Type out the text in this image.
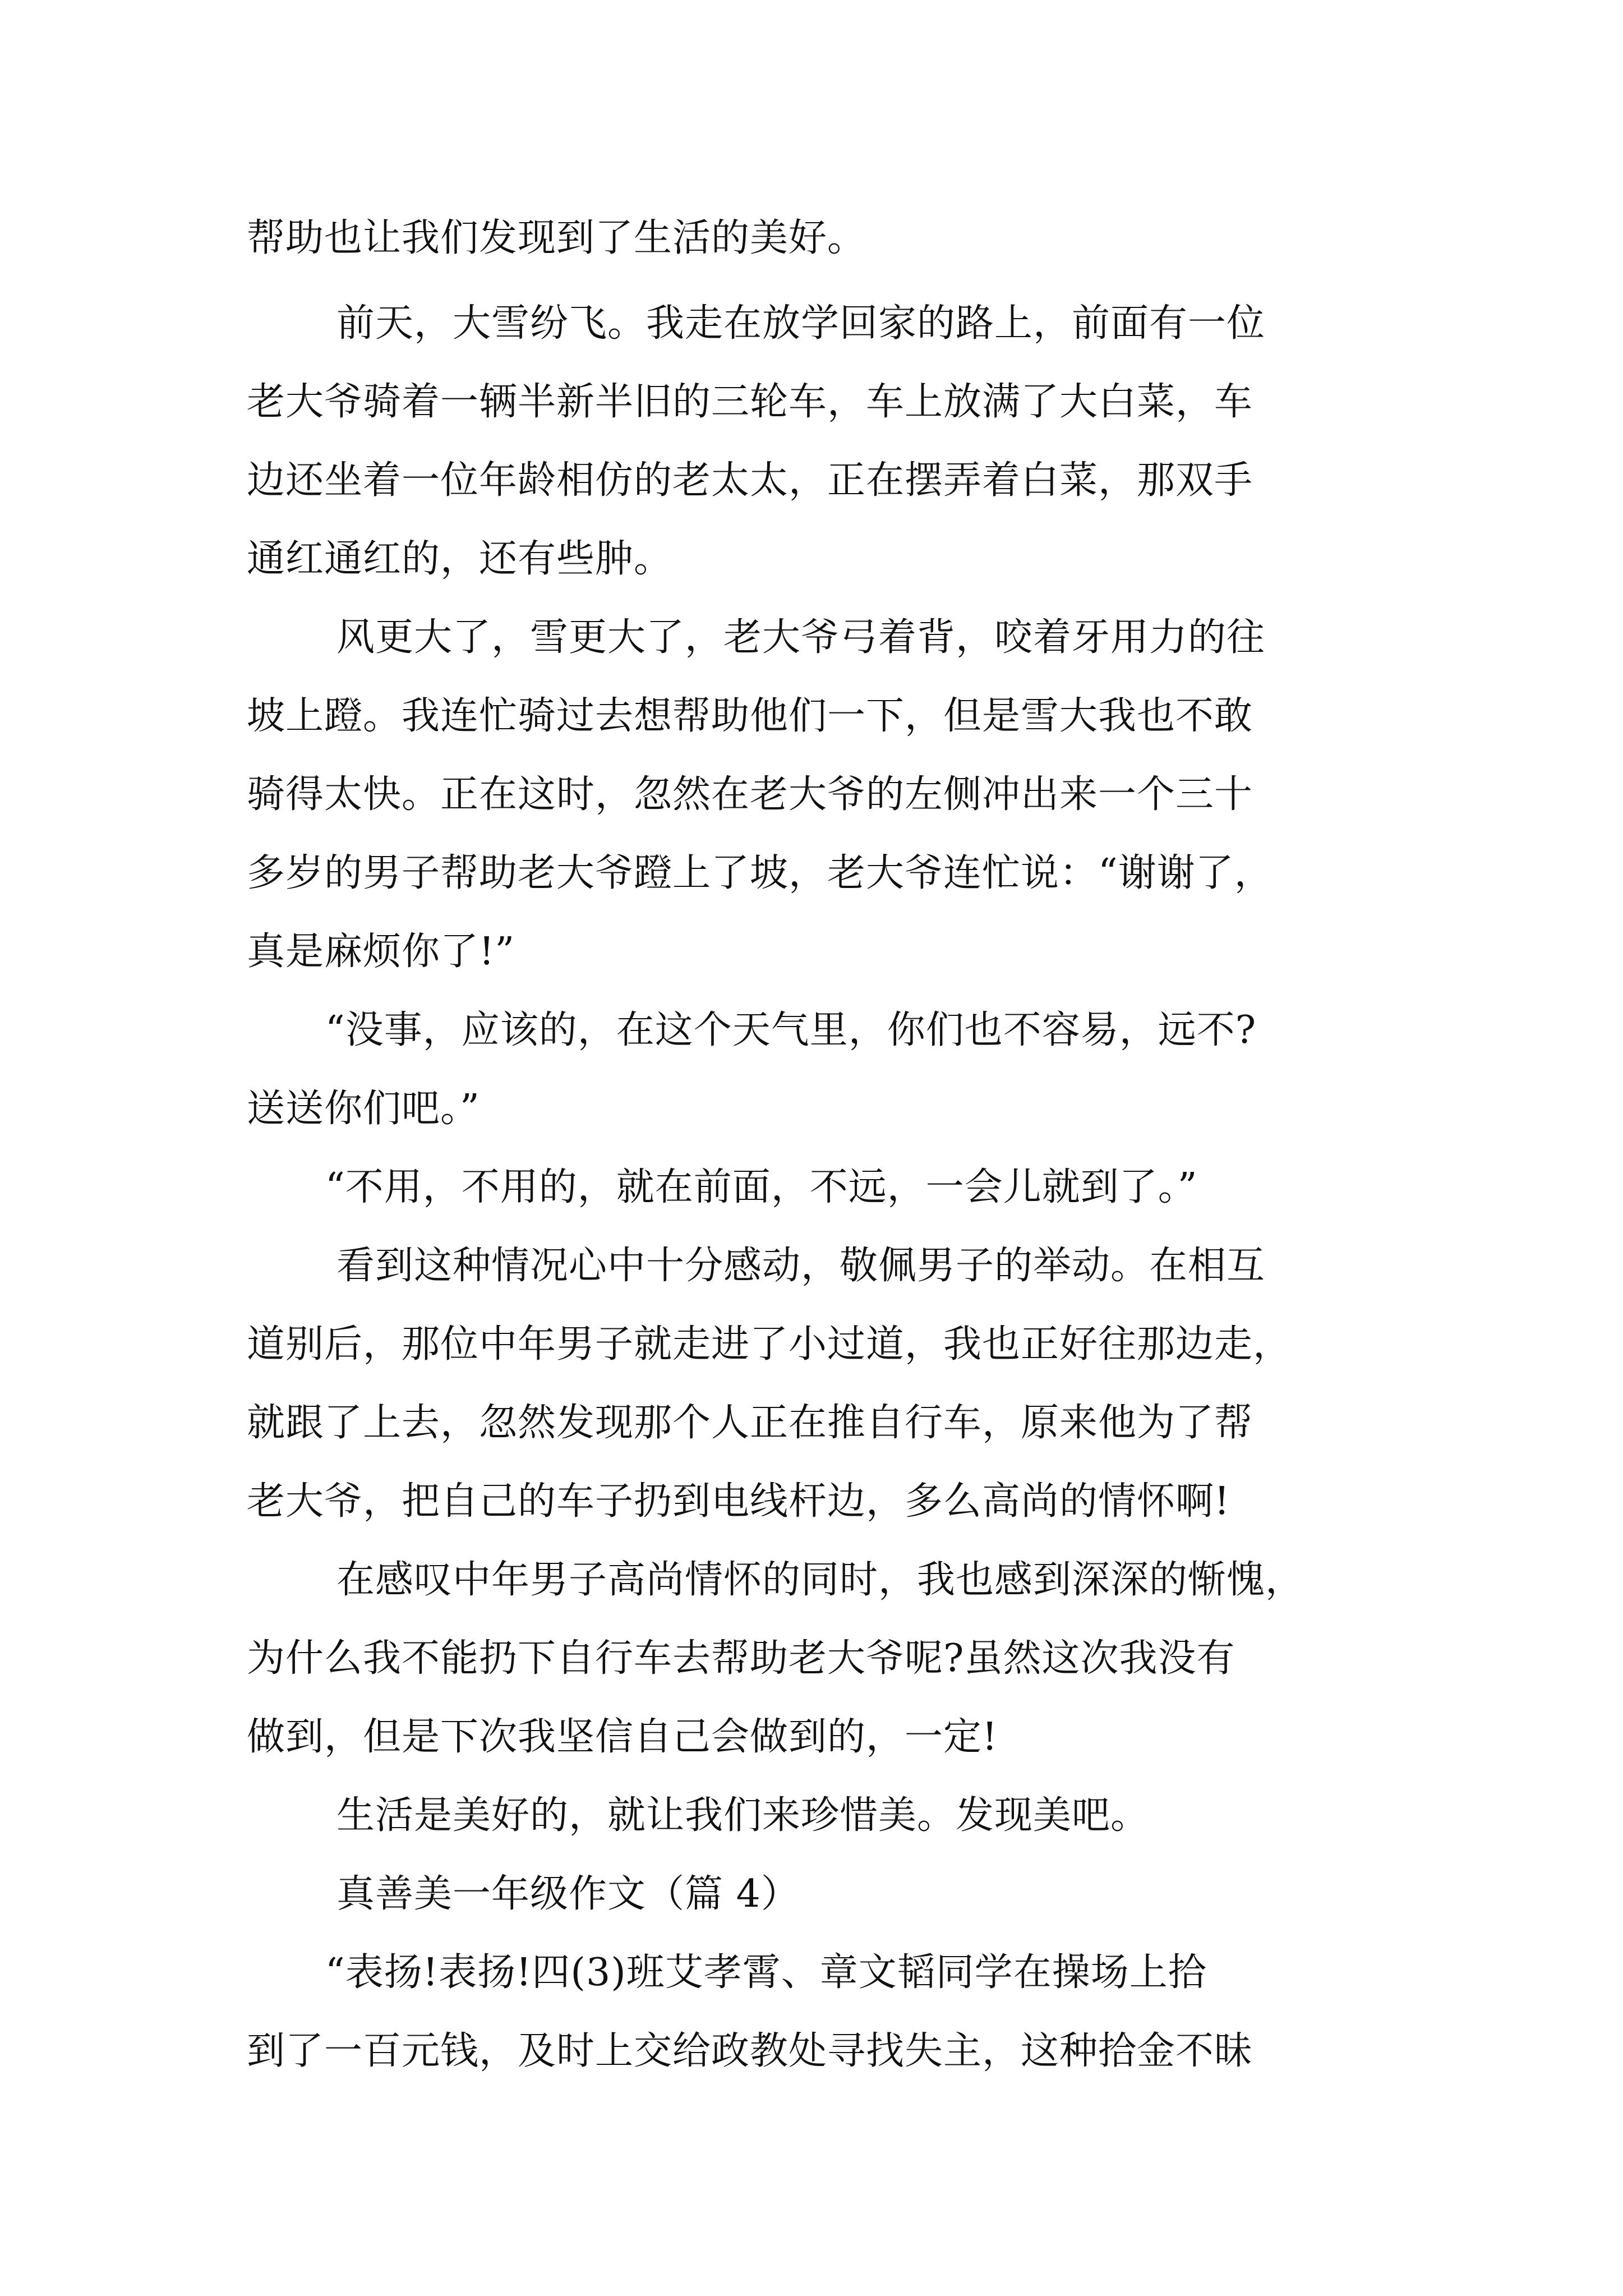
帮助也让我们发现到了生活的美好。
前天，大雪纷飞。我走在放学回家的路上，前面有一位
老大爷骑着一辆半新半旧的三轮车，车上放满了大白菜，车
边还坐着一位年龄相仿的老太太，正在摆弄着白菜，那双手
通红通红的，还有些肿。
风更大了，雪更大了，老大爷弓着背，咬着牙用力的往
坡上蹬。我连忙骑过去想帮助他们一下，但是雪大我也不敢
骑得太快。正在这时，忽然在老大爷的左侧冲出来一个三十
多岁的男子帮助老大爷蹬上了坡，老大爷连忙说：“谢谢了，
真是麻烦你了!”
“没事，应该的，在这个天气里，你们也不容易，远不?
送送你们吧。”
“不用，不用的，就在前面，不远，一会儿就到了。”
看到这种情况心中十分感动，敬佩男子的举动。在相互
道别后，那位中年男子就走进了小过道，我也正好往那边走，
就跟了上去，忽然发现那个人正在推自行车，原来他为了帮
老大爷，把自己的车子扔到电线杆边，多么高尚的情怀啊!
在感叹中年男子高尚情怀的同时，我也感到深深的惭愧，
为什么我不能扔下自行车去帮助老大爷呢?虽然这次我没有
做到，但是下次我坚信自己会做到的，一定!
生活是美好的，就让我们来珍惜美。发现美吧。
真善美一年级作文（篇 4）
“表扬!表扬!四(3)班艾孝霄、章文韬同学在操场上拾
到了一百元钱，及时上交给政教处寻找失主，这种拾金不昧
